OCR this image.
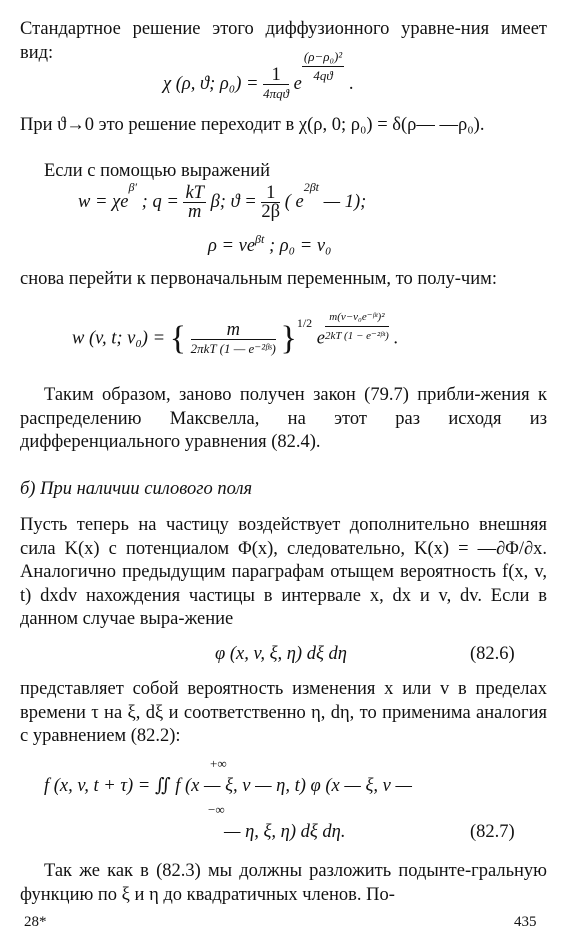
Стандартное решение этого диффузионного уравне-ния имеет вид:
χ (ρ, ϑ; $\rho_0) = \frac{1}{\text{4πqϑ}}$ e $\frac{\text{(ρ−ρ₀)²}}{4qϑ}$ .
При ϑ→0 это решение переходит в χ(ρ, 0; ρ₀) = δ(ρ— —ρ₀).
Если с помощью выражений
$w = \chi e^{\beta'}$ ; $q = \frac{kT}{m} \beta$; $ϑ = \frac{1}{2\beta}$ ( $e^{2\beta t}$ — 1);
$\rho = ve^{\beta t}$ ; ρ₀ = v₀
снова перейти к первоначальным переменным, то полу-чим:
w (v, t; v₀) = { $\frac{m}{\text{2πkT (1 — e⁻²ᵝˢ)}} \}^{1/2}$ e $\frac{\text{m(v−v₀e⁻ᵝᵗ)²}}{\text{2kT (1 − e⁻²ᵝᵗ)}}$ .
Таким образом, заново получен закон (79.7) прибли-жения к распределению Максвелла, на этот раз исходя из дифференциального уравнения (82.4).
б) При наличии силового поля
Пусть теперь на частицу воздействует дополнительно внешняя сила K(x) с потенциалом Φ(x), следовательно, K(x) = —∂Φ/∂x. Аналогично предыдущим параграфам отыщем вероятность f(x, v, t) dxdv нахождения частицы в интервале x, dx и v, dv. Если в данном случае выра-жение
φ (x, v, ξ, η) dξ dη	(82.6)
представляет собой вероятность изменения x или v в пределах времени τ на ξ, dξ и соответственно η, dη, то применима аналогия с уравнением (82.2):
+∞
f (x, v, t + τ) = ∬ f (x — ξ, v — η, t) φ (x — ξ, v —
−∞
— η, ξ, η) dξ dη.	(82.7)
Так же как в (82.3) мы должны разложить подынте-гральную функцию по ξ и η до квадратичных членов. По-
28*	435
